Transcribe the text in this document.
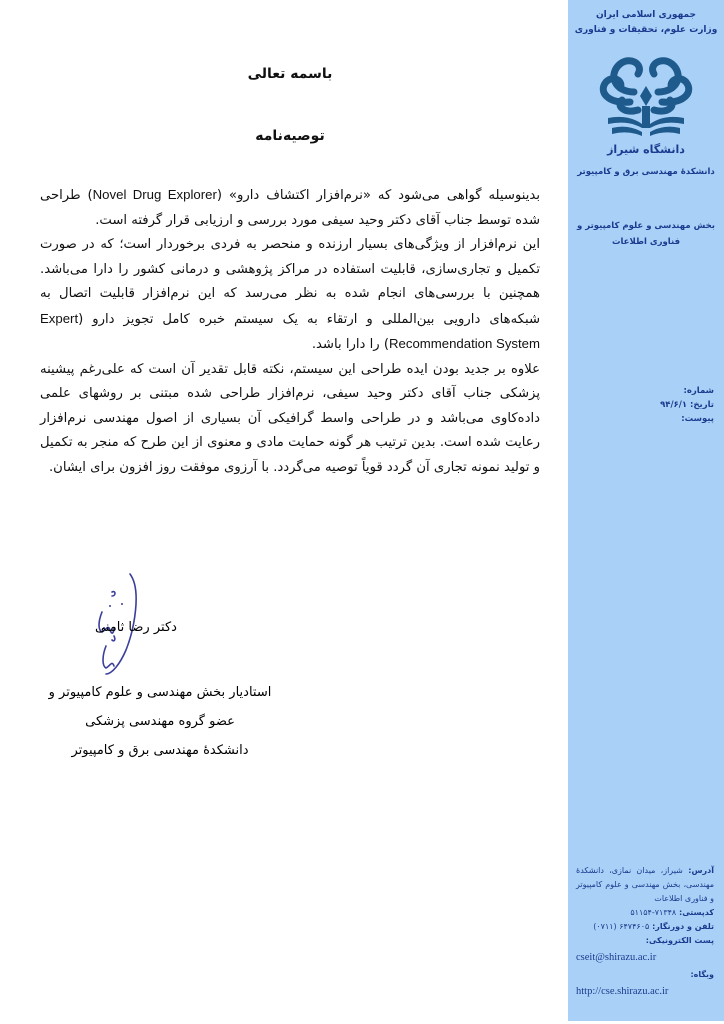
جمهوری اسلامی ایران
وزارت علوم، تحقیقات و فناوری
دانشگاه شیراز
دانشکدهٔ مهندسی برق و کامپیوتر
بخش مهندسی و علوم کامپیوتر و
فناوری اطلاعات
شماره:
تاریخ: ۹۴/۶/۱
پیوست:
آدرس: شیراز، میدان نمازی، دانشکدهٔ مهندسی، بخش مهندسی و علوم کامپیوتر و فناوری اطلاعات
کدپستی: ۷۱۳۴۸-۵۱۱۵۴
تلفن و دورنگار: ۶۴۷۴۶۰۵ (۰۷۱۱)
پست الکترونیکی:
cseit@shirazu.ac.ir
وبگاه:
http://cse.shirazu.ac.ir
باسمه تعالی
توصیه‌نامه

بدینوسیله گواهی می‌شود که «نرم‌افزار اکتشاف دارو» (Novel Drug Explorer) طراحی شده توسط جناب آقای دکتر وحید سیفی مورد بررسی و ارزیابی قرار گرفته است.

این نرم‌افزار از ویژگی‌های بسیار ارزنده و منحصر به فردی برخوردار است؛ که در صورت تکمیل و تجاری‌سازی، قابلیت استفاده در مراکز پژوهشی و درمانی کشور را دارا می‌باشد. همچنین با بررسی‌های انجام شده به نظر می‌رسد که این نرم‌افزار قابلیت اتصال به شبکه‌های دارویی بین‌المللی و ارتقاء به یک سیستم خبره کامل تجویز دارو (Expert Recommendation System) را دارا باشد.

علاوه بر جدید بودن ایده طراحی این سیستم، نکته قابل تقدیر آن است که علی‌رغم پیشینه پزشکی جناب آقای دکتر وحید سیفی، نرم‌افزار طراحی شده مبتنی بر روشهای علمی داده‌کاوی می‌باشد و در طراحی واسط گرافیکی آن بسیاری از اصول مهندسی نرم‌افزار رعایت شده است. بدین ترتیب هر گونه حمایت مادی و معنوی از این طرح که منجر به تکمیل و تولید نمونه تجاری آن گردد قویاً توصیه می‌گردد. با آرزوی موفقت روز افزون برای ایشان.

دکتر رضا ثامنی
استادیار بخش مهندسی و علوم کامپیوتر و
عضو گروه مهندسی پزشکی
دانشکدهٔ مهندسی برق و کامپیوتر
